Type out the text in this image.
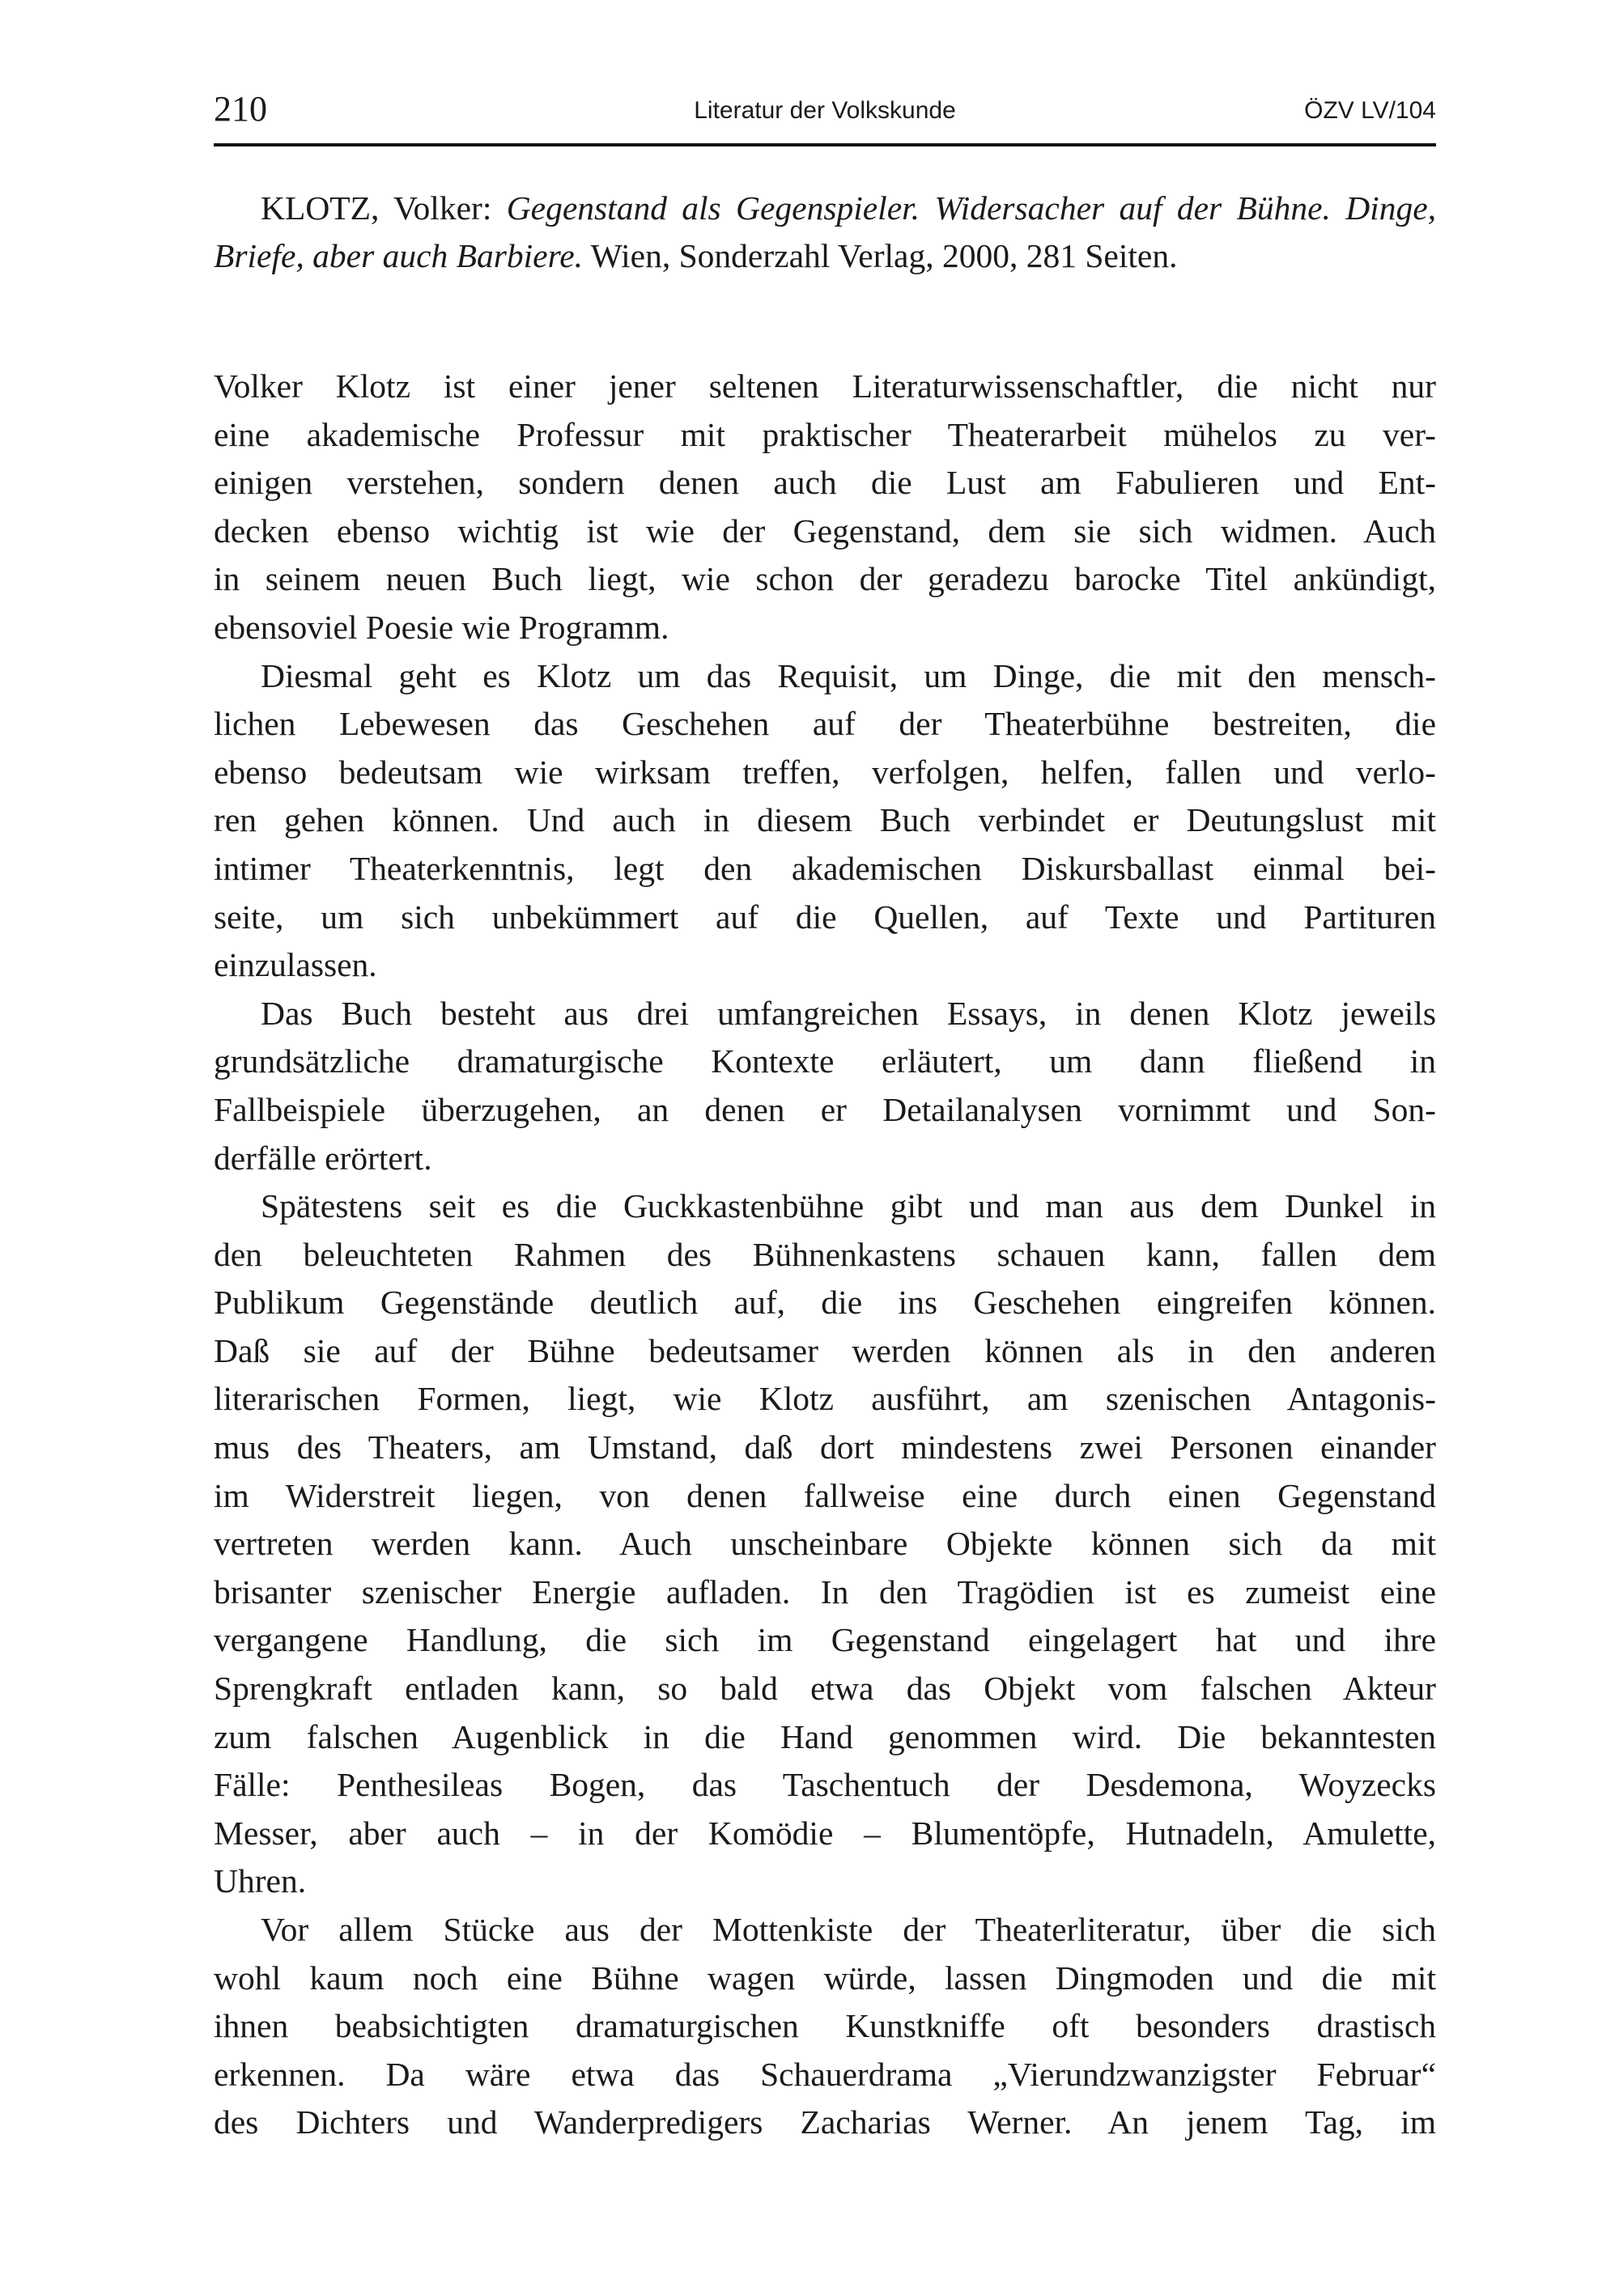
210	Literatur der Volkskunde	ÖZV LV/104
KLOTZ, Volker: Gegenstand als Gegenspieler. Widersacher auf der Bühne. Dinge, Briefe, aber auch Barbiere. Wien, Sonderzahl Verlag, 2000, 281 Seiten.
Volker Klotz ist einer jener seltenen Literaturwissenschaftler, die nicht nur
eine akademische Professur mit praktischer Theaterarbeit mühelos zu ver-
einigen verstehen, sondern denen auch die Lust am Fabulieren und Ent-
decken ebenso wichtig ist wie der Gegenstand, dem sie sich widmen. Auch
in seinem neuen Buch liegt, wie schon der geradezu barocke Titel ankündigt,
ebensoviel Poesie wie Programm.
Diesmal geht es Klotz um das Requisit, um Dinge, die mit den mensch-
lichen Lebewesen das Geschehen auf der Theaterbühne bestreiten, die
ebenso bedeutsam wie wirksam treffen, verfolgen, helfen, fallen und verlo-
ren gehen können. Und auch in diesem Buch verbindet er Deutungslust mit
intimer Theaterkenntnis, legt den akademischen Diskursballast einmal bei-
seite, um sich unbekümmert auf die Quellen, auf Texte und Partituren
einzulassen.
Das Buch besteht aus drei umfangreichen Essays, in denen Klotz jeweils
grundsätzliche dramaturgische Kontexte erläutert, um dann fließend in
Fallbeispiele überzugehen, an denen er Detailanalysen vornimmt und Son-
derfälle erörtert.
Spätestens seit es die Guckkastenbühne gibt und man aus dem Dunkel in
den beleuchteten Rahmen des Bühnenkastens schauen kann, fallen dem
Publikum Gegenstände deutlich auf, die ins Geschehen eingreifen können.
Daß sie auf der Bühne bedeutsamer werden können als in den anderen
literarischen Formen, liegt, wie Klotz ausführt, am szenischen Antagonis-
mus des Theaters, am Umstand, daß dort mindestens zwei Personen einander
im Widerstreit liegen, von denen fallweise eine durch einen Gegenstand
vertreten werden kann. Auch unscheinbare Objekte können sich da mit
brisanter szenischer Energie aufladen. In den Tragödien ist es zumeist eine
vergangene Handlung, die sich im Gegenstand eingelagert hat und ihre
Sprengkraft entladen kann, so bald etwa das Objekt vom falschen Akteur
zum falschen Augenblick in die Hand genommen wird. Die bekanntesten
Fälle: Penthesileas Bogen, das Taschentuch der Desdemona, Woyzecks
Messer, aber auch – in der Komödie – Blumentöpfe, Hutnadeln, Amulette,
Uhren.
Vor allem Stücke aus der Mottenkiste der Theaterliteratur, über die sich
wohl kaum noch eine Bühne wagen würde, lassen Dingmoden und die mit
ihnen beabsichtigten dramaturgischen Kunstkniffe oft besonders drastisch
erkennen. Da wäre etwa das Schauerdrama „Vierundzwanzigster Februar“
des Dichters und Wanderpredigers Zacharias Werner. An jenem Tag, im
